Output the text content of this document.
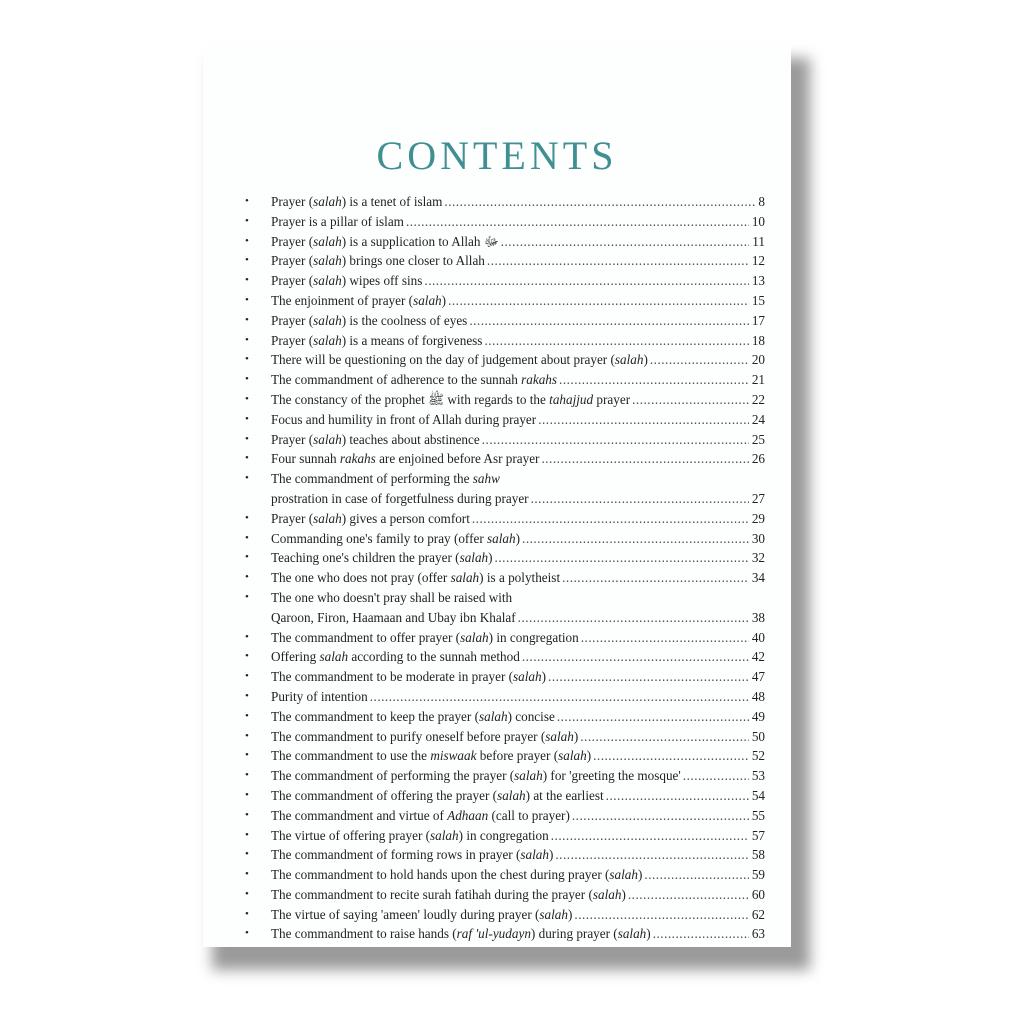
CONTENTS
• Prayer (salah) is a tenet of islam .....	8
• Prayer is a pillar of islam .....	10
• Prayer (salah) is a supplication to Allah ﷻ .....	11
• Prayer (salah) brings one closer to Allah .....	12
• Prayer (salah) wipes off sins .....	13
• The enjoinment of prayer (salah) .....	15
• Prayer (salah) is the coolness of eyes .....	17
• Prayer (salah) is a means of forgiveness .....	18
• There will be questioning on the day of judgement about prayer (salah) .....	20
• The commandment of adherence to the sunnah rakahs .....	21
• The constancy of the prophet ﷺ with regards to the tahajjud prayer .....	22
• Focus and humility in front of Allah during prayer .....	24
• Prayer (salah) teaches about abstinence .....	25
• Four sunnah rakahs are enjoined before Asr prayer .....	26
• The commandment of performing the sahw
prostration in case of forgetfulness during prayer .....	27
• Prayer (salah) gives a person comfort .....	29
• Commanding one's family to pray (offer salah) .....	30
• Teaching one's children the prayer (salah) .....	32
• The one who does not pray (offer salah) is a polytheist .....	34
• The one who doesn't pray shall be raised with
Qaroon, Firon, Haamaan and Ubay ibn Khalaf .....	38
• The commandment to offer prayer (salah) in congregation .....	40
• Offering salah according to the sunnah method .....	42
• The commandment to be moderate in prayer (salah) .....	47
• Purity of intention .....	48
• The commandment to keep the prayer (salah) concise .....	49
• The commandment to purify oneself before prayer (salah) .....	50
• The commandment to use the miswaak before prayer (salah) .....	52
• The commandment of performing the prayer (salah) for 'greeting the mosque' .....	53
• The commandment of offering the prayer (salah) at the earliest .....	54
• The commandment and virtue of Adhaan (call to prayer) .....	55
• The virtue of offering prayer (salah) in congregation .....	57
• The commandment of forming rows in prayer (salah) .....	58
• The commandment to hold hands upon the chest during prayer (salah) .....	59
• The commandment to recite surah fatihah during the prayer (salah) .....	60
• The virtue of saying 'ameen' loudly during prayer (salah) .....	62
• The commandment to raise hands (raf 'ul-yudayn) during prayer (salah) .....	63
